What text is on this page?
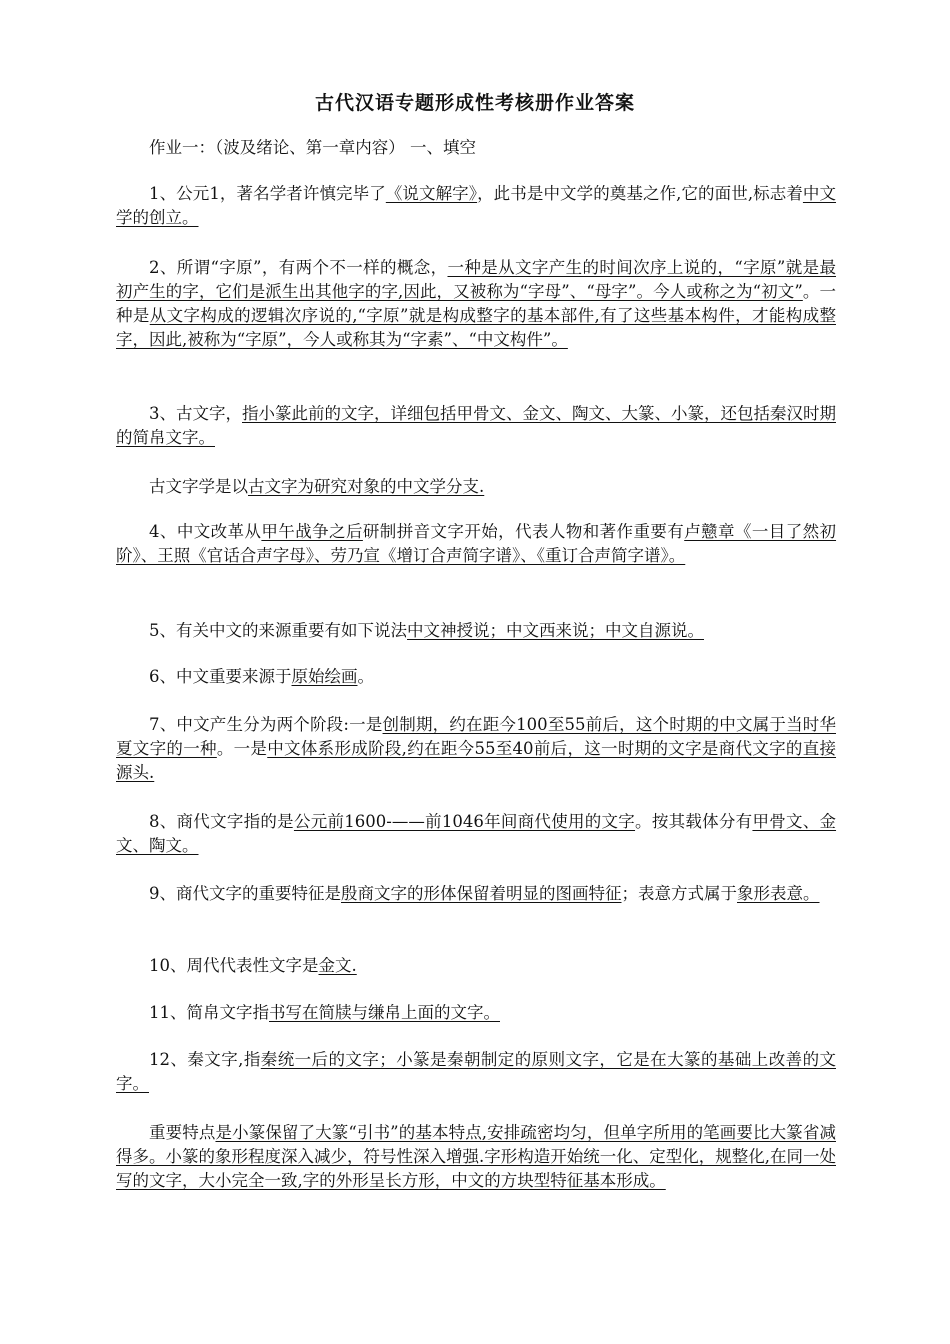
古代汉语专题形成性考核册作业答案
作业一：（波及绪论、第一章内容） 一、填空
1、公元1，著名学者许慎完毕了《说文解字》，此书是中文学的奠基之作,它的面世,标志着中文学的创立。
2、所谓“字原”，有两个不一样的概念，一种是从文字产生的时间次序上说的，“字原”就是最初产生的字，它们是派生出其他字的字,因此，又被称为“字母”、“母字”。今人或称之为“初文”。一种是从文字构成的逻辑次序说的,“字原”就是构成整字的基本部件,有了这些基本构件，才能构成整字，因此,被称为“字原”，今人或称其为“字素”、“中文构件”。
3、古文字，指小篆此前的文字，详细包括甲骨文、金文、陶文、大篆、小篆，还包括秦汉时期的简帛文字。
古文字学是以古文字为研究对象的中文学分支.
4、中文改革从甲午战争之后研制拼音文字开始，代表人物和著作重要有卢戆章《一目了然初阶》、王照《官话合声字母》、劳乃宣《增订合声简字谱》、《重订合声简字谱》。
5、有关中文的来源重要有如下说法中文神授说；中文西来说；中文自源说。
6、中文重要来源于原始绘画。
7、中文产生分为两个阶段:一是创制期，约在距今100至55前后，这个时期的中文属于当时华夏文字的一种。一是中文体系形成阶段,约在距今55至40前后，这一时期的文字是商代文字的直接源头.
8、商代文字指的是公元前1600-——前1046年间商代使用的文字。按其载体分有甲骨文、金文、陶文。
9、商代文字的重要特征是殷商文字的形体保留着明显的图画特征；表意方式属于象形表意。
10、周代代表性文字是金文.
11、简帛文字指书写在简牍与缣帛上面的文字。
12、秦文字,指秦统一后的文字；小篆是秦朝制定的原则文字，它是在大篆的基础上改善的文字。
重要特点是小篆保留了大篆“引书”的基本特点,安排疏密均匀，但单字所用的笔画要比大篆省减得多。小篆的象形程度深入减少，符号性深入增强.字形构造开始统一化、定型化，规整化,在同一处写的文字，大小完全一致,字的外形呈长方形，中文的方块型特征基本形成。
